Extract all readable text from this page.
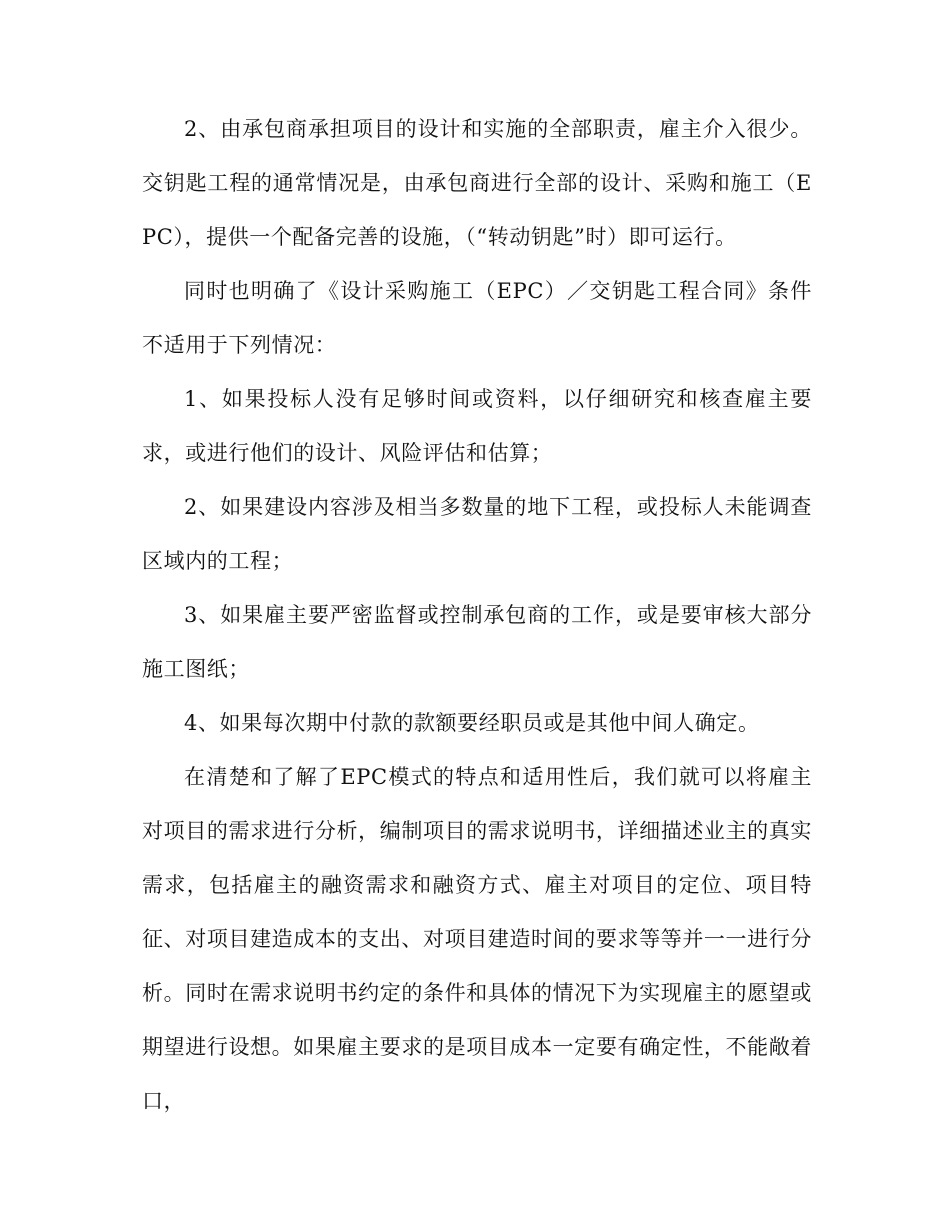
2、由承包商承担项目的设计和实施的全部职责，雇主介入很少。交钥匙工程的通常情况是，由承包商进行全部的设计、采购和施工（EPC），提供一个配备完善的设施，（“转动钥匙”时）即可运行。

同时也明确了《设计采购施工（EPC）／交钥匙工程合同》条件不适用于下列情况：

1、如果投标人没有足够时间或资料，以仔细研究和核查雇主要求，或进行他们的设计、风险评估和估算；

2、如果建设内容涉及相当多数量的地下工程，或投标人未能调查区域内的工程；

3、如果雇主要严密监督或控制承包商的工作，或是要审核大部分施工图纸；

4、如果每次期中付款的款额要经职员或是其他中间人确定。

在清楚和了解了EPC模式的特点和适用性后，我们就可以将雇主对项目的需求进行分析，编制项目的需求说明书，详细描述业主的真实需求，包括雇主的融资需求和融资方式、雇主对项目的定位、项目特征、对项目建造成本的支出、对项目建造时间的要求等等并一一进行分析。同时在需求说明书约定的条件和具体的情况下为实现雇主的愿望或期望进行设想。如果雇主要求的是项目成本一定要有确定性，不能敞着口，
